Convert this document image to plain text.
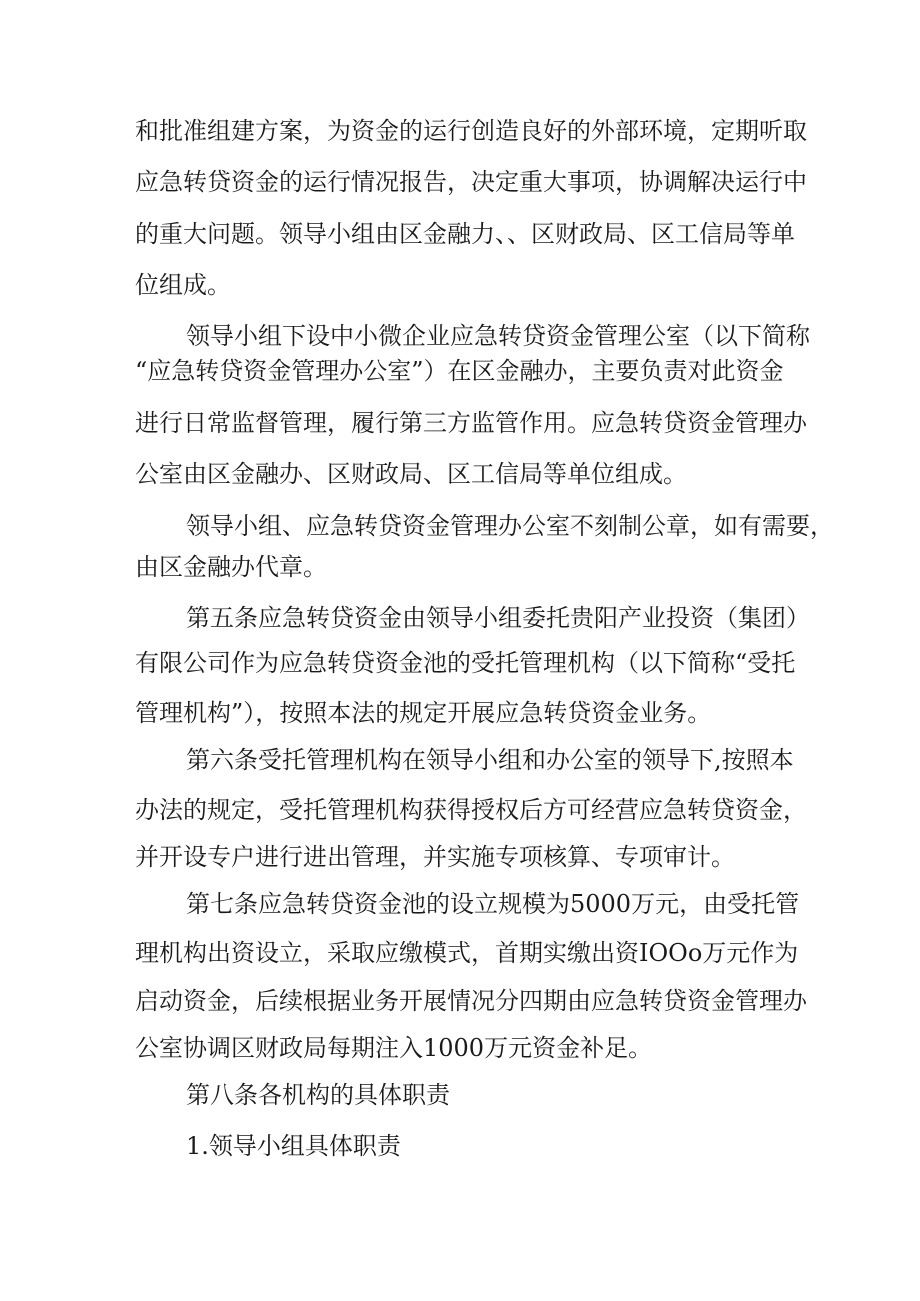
和批准组建方案，为资金的运行创造良好的外部环境，定期听取

应急转贷资金的运行情况报告，决定重大事项，协调解决运行中

的重大问题。领导小组由区金融力、、区财政局、区工信局等单

位组成。

领导小组下设中小微企业应急转贷资金管理公室（以下简称

“应急转贷资金管理办公室”）在区金融办，主要负责对此资金

进行日常监督管理，履行第三方监管作用。应急转贷资金管理办

公室由区金融办、区财政局、区工信局等单位组成。

领导小组、应急转贷资金管理办公室不刻制公章，如有需要，

由区金融办代章。

第五条应急转贷资金由领导小组委托贵阳产业投资（集团）

有限公司作为应急转贷资金池的受托管理机构（以下简称“受托

管理机构”），按照本法的规定开展应急转贷资金业务。

第六条受托管理机构在领导小组和办公室的领导下,按照本

办法的规定，受托管理机构获得授权后方可经营应急转贷资金，

并开设专户进行进出管理，并实施专项核算、专项审计。

第七条应急转贷资金池的设立规模为5000万元，由受托管

理机构出资设立，采取应缴模式，首期实缴出资IOOo万元作为

启动资金，后续根据业务开展情况分四期由应急转贷资金管理办

公室协调区财政局每期注入1000万元资金补足。

第八条各机构的具体职责

1.领导小组具体职责
